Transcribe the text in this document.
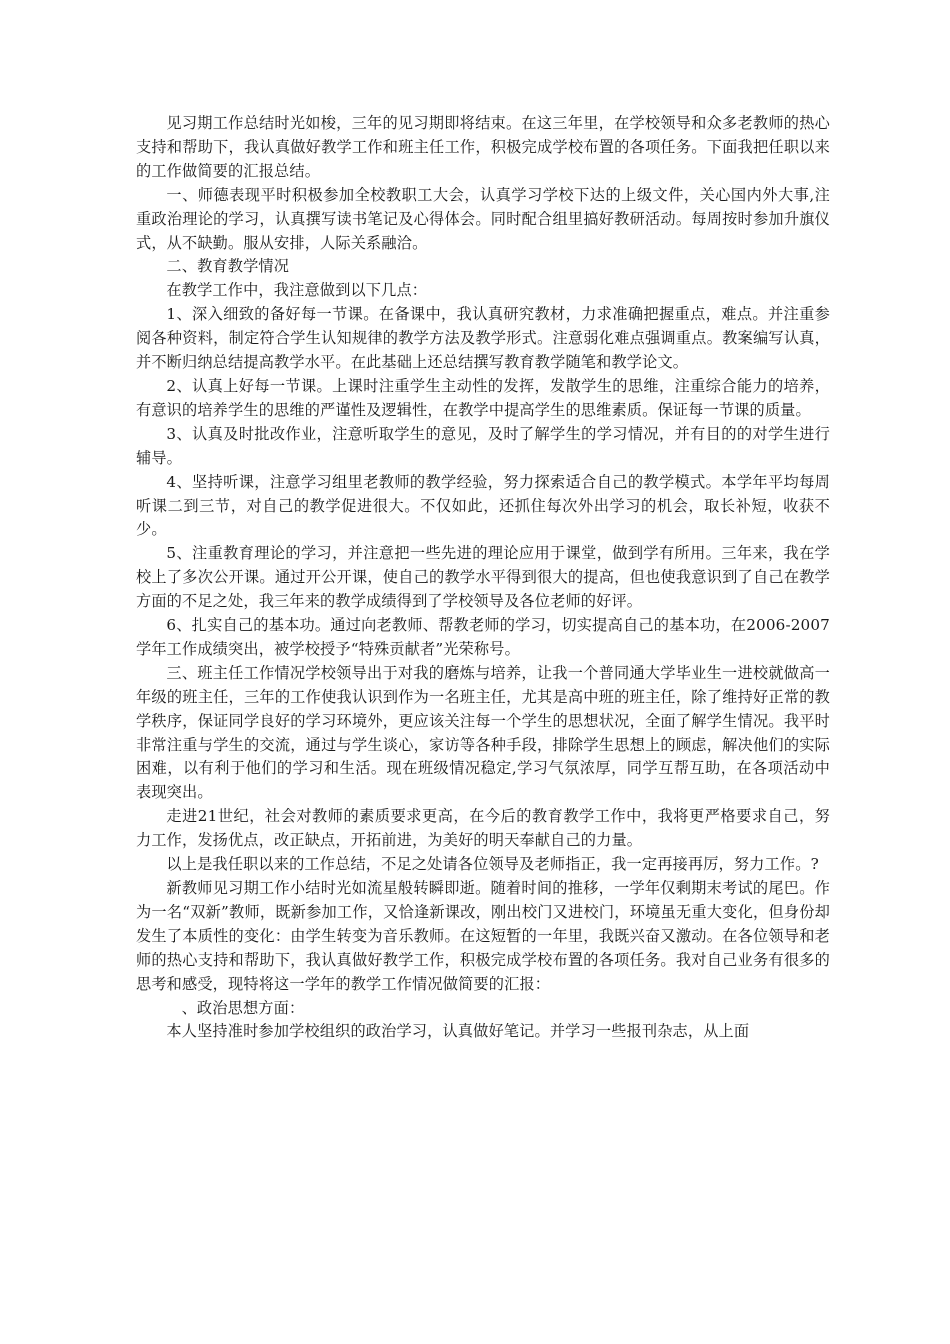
见习期工作总结时光如梭，三年的见习期即将结束。在这三年里，在学校领导和众多老教师的热心支持和帮助下，我认真做好教学工作和班主任工作，积极完成学校布置的各项任务。下面我把任职以来的工作做简要的汇报总结。

一、师德表现平时积极参加全校教职工大会，认真学习学校下达的上级文件，关心国内外大事,注重政治理论的学习，认真撰写读书笔记及心得体会。同时配合组里搞好教研活动。每周按时参加升旗仪式，从不缺勤。服从安排，人际关系融洽。

二、教育教学情况

在教学工作中，我注意做到以下几点：

1、深入细致的备好每一节课。在备课中，我认真研究教材，力求准确把握重点，难点。并注重参阅各种资料，制定符合学生认知规律的教学方法及教学形式。注意弱化难点强调重点。教案编写认真，并不断归纳总结提高教学水平。在此基础上还总结撰写教育教学随笔和教学论文。

2、认真上好每一节课。上课时注重学生主动性的发挥，发散学生的思维，注重综合能力的培养，有意识的培养学生的思维的严谨性及逻辑性，在教学中提高学生的思维素质。保证每一节课的质量。

3、认真及时批改作业，注意听取学生的意见，及时了解学生的学习情况，并有目的的对学生进行辅导。

4、坚持听课，注意学习组里老教师的教学经验，努力探索适合自己的教学模式。本学年平均每周听课二到三节，对自己的教学促进很大。不仅如此，还抓住每次外出学习的机会，取长补短，收获不少。

5、注重教育理论的学习，并注意把一些先进的理论应用于课堂，做到学有所用。三年来，我在学校上了多次公开课。通过开公开课，使自己的教学水平得到很大的提高，但也使我意识到了自己在教学方面的不足之处，我三年来的教学成绩得到了学校领导及各位老师的好评。

6、扎实自己的基本功。通过向老教师、帮教老师的学习，切实提高自己的基本功，在2006-2007学年工作成绩突出，被学校授予“特殊贡献者”光荣称号。

三、班主任工作情况学校领导出于对我的磨炼与培养，让我一个普同通大学毕业生一进校就做高一年级的班主任，三年的工作使我认识到作为一名班主任，尤其是高中班的班主任，除了维持好正常的教学秩序，保证同学良好的学习环境外，更应该关注每一个学生的思想状况，全面了解学生情况。我平时非常注重与学生的交流，通过与学生谈心，家访等各种手段，排除学生思想上的顾虑，解决他们的实际困难，以有利于他们的学习和生活。现在班级情况稳定,学习气氛浓厚，同学互帮互助，在各项活动中表现突出。

走进21世纪，社会对教师的素质要求更高，在今后的教育教学工作中，我将更严格要求自己，努力工作，发扬优点，改正缺点，开拓前进，为美好的明天奉献自己的力量。

以上是我任职以来的工作总结，不足之处请各位领导及老师指正，我一定再接再厉，努力工作。?

新教师见习期工作小结时光如流星般转瞬即逝。随着时间的推移，一学年仅剩期末考试的尾巴。作为一名“双新”教师，既新参加工作，又恰逢新课改，刚出校门又进校门，环境虽无重大变化，但身份却发生了本质性的变化：由学生转变为音乐教师。在这短暂的一年里，我既兴奋又激动。在各位领导和老师的热心支持和帮助下，我认真做好教学工作，积极完成学校布置的各项任务。我对自己业务有很多的思考和感受，现特将这一学年的教学工作情况做简要的汇报：

、政治思想方面：

本人坚持准时参加学校组织的政治学习，认真做好笔记。并学习一些报刊杂志，从上面
